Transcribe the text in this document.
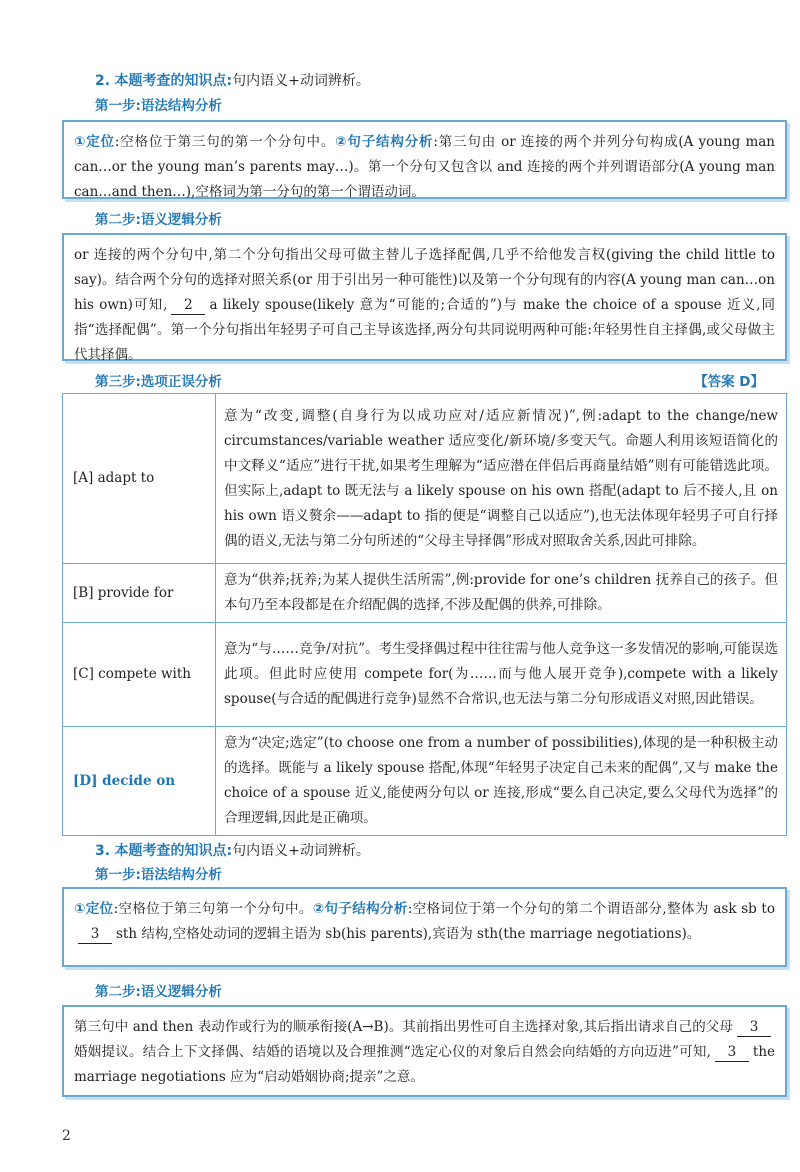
2. 本题考查的知识点:句内语义+动词辨析。
第一步:语法结构分析
①定位:空格位于第三句的第一个分句中。②句子结构分析:第三句由 or 连接的两个并列分句构成(A young man can…or the young man’s parents may…)。第一个分句又包含以 and 连接的两个并列谓语部分(A young man can…and then…),空格词为第一分句的第一个谓语动词。
第二步:语义逻辑分析
or 连接的两个分句中,第二个分句指出父母可做主替儿子选择配偶,几乎不给他发言权(giving the child little to say)。结合两个分句的选择对照关系(or 用于引出另一种可能性)以及第一个分句现有的内容(A young man can…on his own)可知, 2 a likely spouse(likely 意为“可能的;合适的”)与 make the choice of a spouse 近义,同指“选择配偶”。第一个分句指出年轻男子可自己主导该选择,两分句共同说明两种可能:年轻男性自主择偶,或父母做主代其择偶。
第三步:选项正误分析	【答案 D】
[A] adapt to	意为“改变,调整(自身行为以成功应对/适应新情况)”,例:adapt to the change/new circumstances/variable weather 适应变化/新环境/多变天气。命题人利用该短语简化的中文释义“适应”进行干扰,如果考生理解为“适应潜在伴侣后再商量结婚”则有可能错选此项。但实际上,adapt to 既无法与 a likely spouse on his own 搭配(adapt to 后不接人,且 on his own 语义赘余——adapt to 指的便是“调整自己以适应”),也无法体现年轻男子可自行择偶的语义,无法与第二分句所述的“父母主导择偶”形成对照取舍关系,因此可排除。
[B] provide for	意为“供养;抚养;为某人提供生活所需”,例:provide for one’s children 抚养自己的孩子。但本句乃至本段都是在介绍配偶的选择,不涉及配偶的供养,可排除。
[C] compete with	意为“与……竞争/对抗”。考生受择偶过程中往往需与他人竞争这一多发情况的影响,可能误选此项。但此时应使用 compete for(为……而与他人展开竞争),compete with a likely spouse(与合适的配偶进行竞争)显然不合常识,也无法与第二分句形成语义对照,因此错误。
[D] decide on	意为“决定;选定”(to choose one from a number of possibilities),体现的是一种积极主动的选择。既能与 a likely spouse 搭配,体现“年轻男子决定自己未来的配偶”,又与 make the choice of a spouse 近义,能使两分句以 or 连接,形成“要么自己决定,要么父母代为选择”的合理逻辑,因此是正确项。
3. 本题考查的知识点:句内语义+动词辨析。
第一步:语法结构分析
①定位:空格位于第三句第一个分句中。②句子结构分析:空格词位于第一个分句的第二个谓语部分,整体为 ask sb to3 sth 结构,空格处动词的逻辑主语为 sb(his parents),宾语为 sth(the marriage negotiations)。
第二步:语义逻辑分析
第三句中 and then 表动作或行为的顺承衔接(A→B)。其前指出男性可自主选择对象,其后指出请求自己的父母 3婚姻提议。结合上下文择偶、结婚的语境以及合理推测“选定心仪的对象后自然会向结婚的方向迈进”可知, 3 the marriage negotiations 应为“启动婚姻协商;提亲”之意。
2
